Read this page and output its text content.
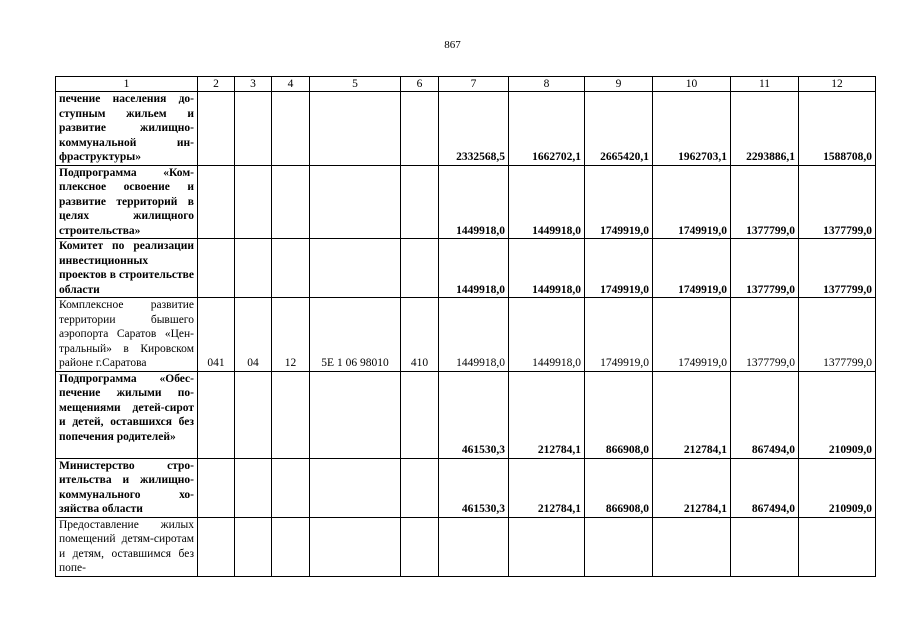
867
1	2	3	4	5	6	7	8	9	10	11	12
печение населения доступным жильем и развитие жилищно-коммунальной инфраструктуры»						2332568,5	1662702,1	2665420,1	1962703,1	2293886,1	1588708,0
Подпрограмма «Комплексное освоение и развитие территорий в целях жилищного строительства»						1449918,0	1449918,0	1749919,0	1749919,0	1377799,0	1377799,0
Комитет по реализации инвестиционных проектов в строительстве области						1449918,0	1449918,0	1749919,0	1749919,0	1377799,0	1377799,0
Комплексное развитие территории бывшего аэропорта Саратов «Центральный» в Кировском районе г.Саратова	041	04	12	5Е 1 06 98010	410	1449918,0	1449918,0	1749919,0	1749919,0	1377799,0	1377799,0
Подпрограмма «Обеспечение жилыми помещениями детей-сирот и детей, оставшихся без попечения родителей»						461530,3	212784,1	866908,0	212784,1	867494,0	210909,0
Министерство строительства и жилищно-коммунального хозяйства области						461530,3	212784,1	866908,0	212784,1	867494,0	210909,0
Предоставление жилых помещений детям-сиротам и детям, оставшимся без попе-											
